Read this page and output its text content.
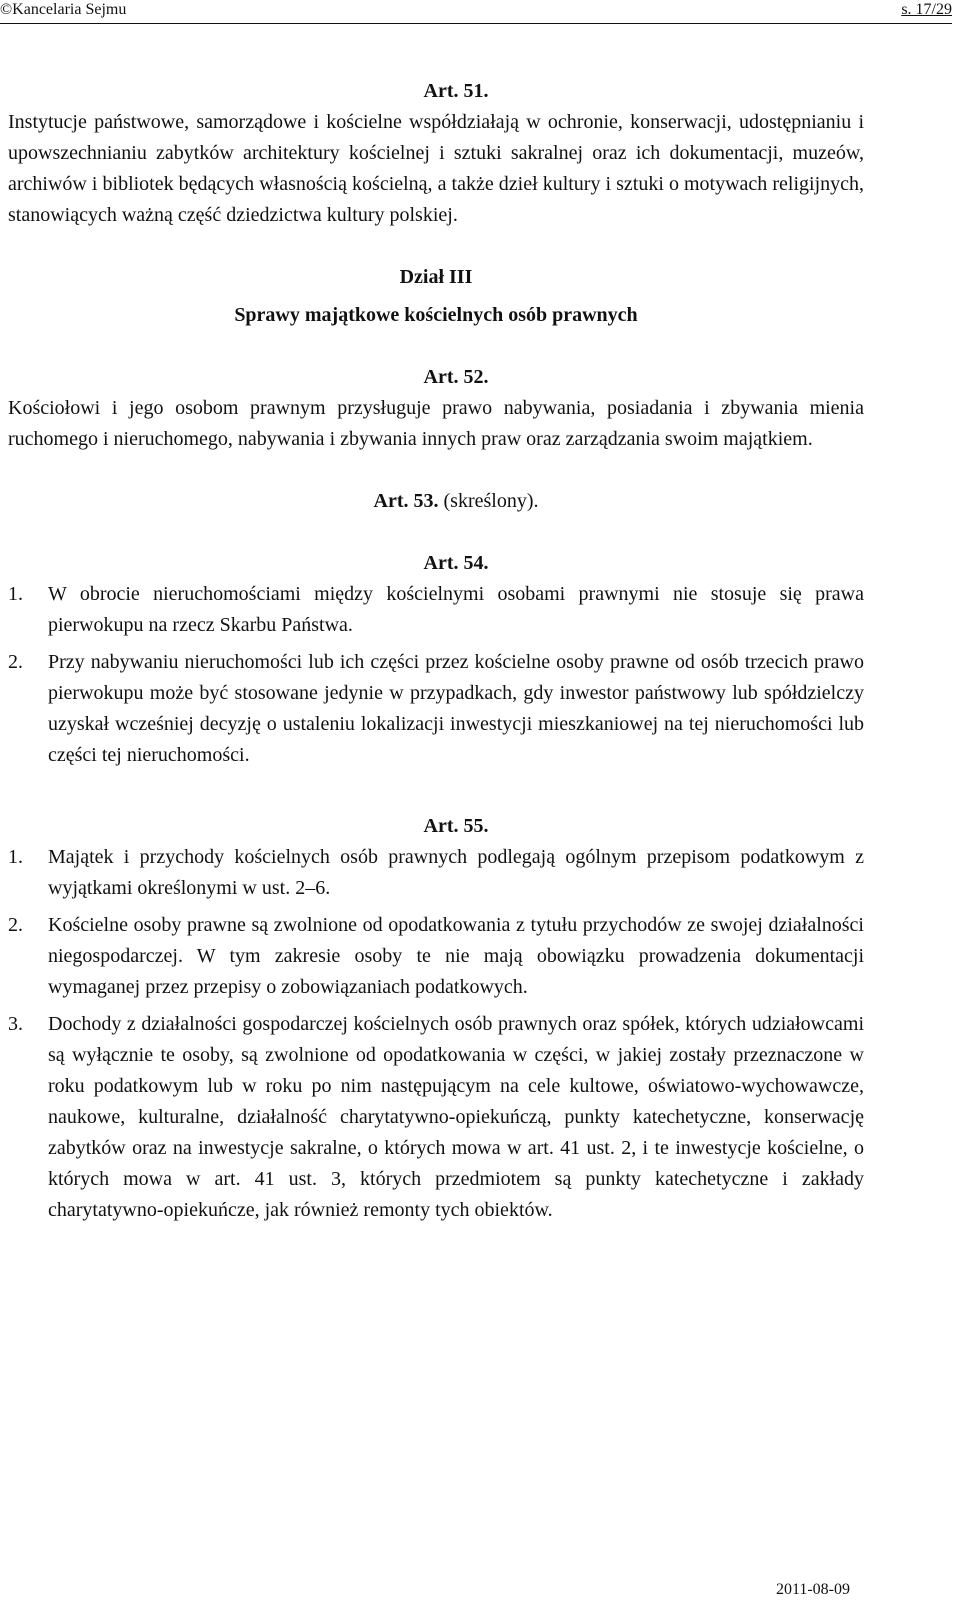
©Kancelaria Sejmu	s. 17/29

Art. 51.

Instytucje państwowe, samorządowe i kościelne współdziałają w ochronie, konserwacji, udostępnianiu i upowszechnianiu zabytków architektury kościelnej i sztuki sakralnej oraz ich dokumentacji, muzeów, archiwów i bibliotek będących własnością kościelną, a także dzieł kultury i sztuki o motywach religijnych, stanowiących ważną część dziedzictwa kultury polskiej.

Dział III

Sprawy majątkowe kościelnych osób prawnych

Art. 52.

Kościołowi i jego osobom prawnym przysługuje prawo nabywania, posiadania i zbywania mienia ruchomego i nieruchomego, nabywania i zbywania innych praw oraz zarządzania swoim majątkiem.

Art. 53. (skreślony).

Art. 54.

1.	W obrocie nieruchomościami między kościelnymi osobami prawnymi nie stosuje się prawa pierwokupu na rzecz Skarbu Państwa.
2.	Przy nabywaniu nieruchomości lub ich części przez kościelne osoby prawne od osób trzecich prawo pierwokupu może być stosowane jedynie w przypadkach, gdy inwestor państwowy lub spółdzielczy uzyskał wcześniej decyzję o ustaleniu lokalizacji inwestycji mieszkaniowej na tej nieruchomości lub części tej nieruchomości.

Art. 55.

1.	Majątek i przychody kościelnych osób prawnych podlegają ogólnym przepisom podatkowym z wyjątkami określonymi w ust. 2–6.
2.	Kościelne osoby prawne są zwolnione od opodatkowania z tytułu przychodów ze swojej działalności niegospodarczej. W tym zakresie osoby te nie mają obowiązku prowadzenia dokumentacji wymaganej przez przepisy o zobowiązaniach podatkowych.
3.	Dochody z działalności gospodarczej kościelnych osób prawnych oraz spółek, których udziałowcami są wyłącznie te osoby, są zwolnione od opodatkowania w części, w jakiej zostały przeznaczone w roku podatkowym lub w roku po nim następującym na cele kultowe, oświatowo-wychowawcze, naukowe, kulturalne, działalność charytatywno-opiekuńczą, punkty katechetyczne, konserwację zabytków oraz na inwestycje sakralne, o których mowa w art. 41 ust. 2, i te inwestycje kościelne, o których mowa w art. 41 ust. 3, których przedmiotem są punkty katechetyczne i zakłady charytatywno-opiekuńcze, jak również remonty tych obiektów.
2011-08-09
